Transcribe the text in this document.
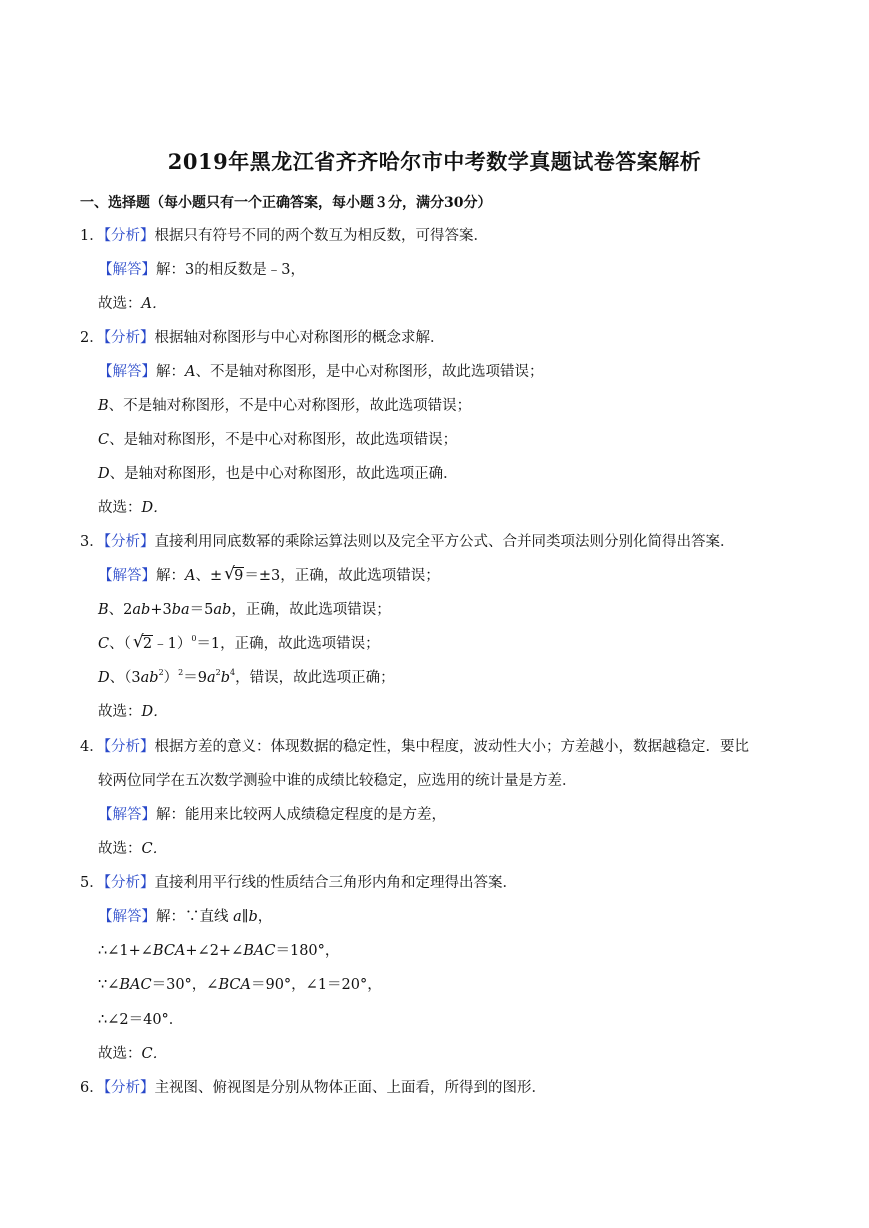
2019年黑龙江省齐齐哈尔市中考数学真题试卷答案解析
一、选择题（每小题只有一个正确答案，每小题３分，满分30分）
1．【分析】根据只有符号不同的两个数互为相反数，可得答案．
【解答】解：3的相反数是﹣3，
故选：A．
2．【分析】根据轴对称图形与中心对称图形的概念求解．
【解答】解：A、不是轴对称图形，是中心对称图形，故此选项错误；
B、不是轴对称图形，不是中心对称图形，故此选项错误；
C、是轴对称图形，不是中心对称图形，故此选项错误；
D、是轴对称图形，也是中心对称图形，故此选项正确．
故选：D．
3．【分析】直接利用同底数幂的乘除运算法则以及完全平方公式、合并同类项法则分别化简得出答案．
【解答】解：A、± √ 9＝±3，正确，故此选项错误；
B、2ab+3ba＝5ab，正确，故此选项错误；
C、（ √ 2﹣1）$^0$＝1，正确，故此选项错误；
D、$(3ab^2)^2=9a^2b^4$，错误，故此选项正确；
故选：D．
4．【分析】根据方差的意义：体现数据的稳定性，集中程度，波动性大小；方差越小，数据越稳定．要比
较两位同学在五次数学测验中谁的成绩比较稳定，应选用的统计量是方差．
【解答】解：能用来比较两人成绩稳定程度的是方差，
故选：C．
5．【分析】直接利用平行线的性质结合三角形内角和定理得出答案．
【解答】解：∵直线 a∥b，
∴∠1+∠BCA+∠2+∠BAC＝180°，
∵∠BAC＝30°，∠BCA＝90°，∠1＝20°，
∴∠2＝40°．
故选：C．
6．【分析】主视图、俯视图是分别从物体正面、上面看，所得到的图形．
